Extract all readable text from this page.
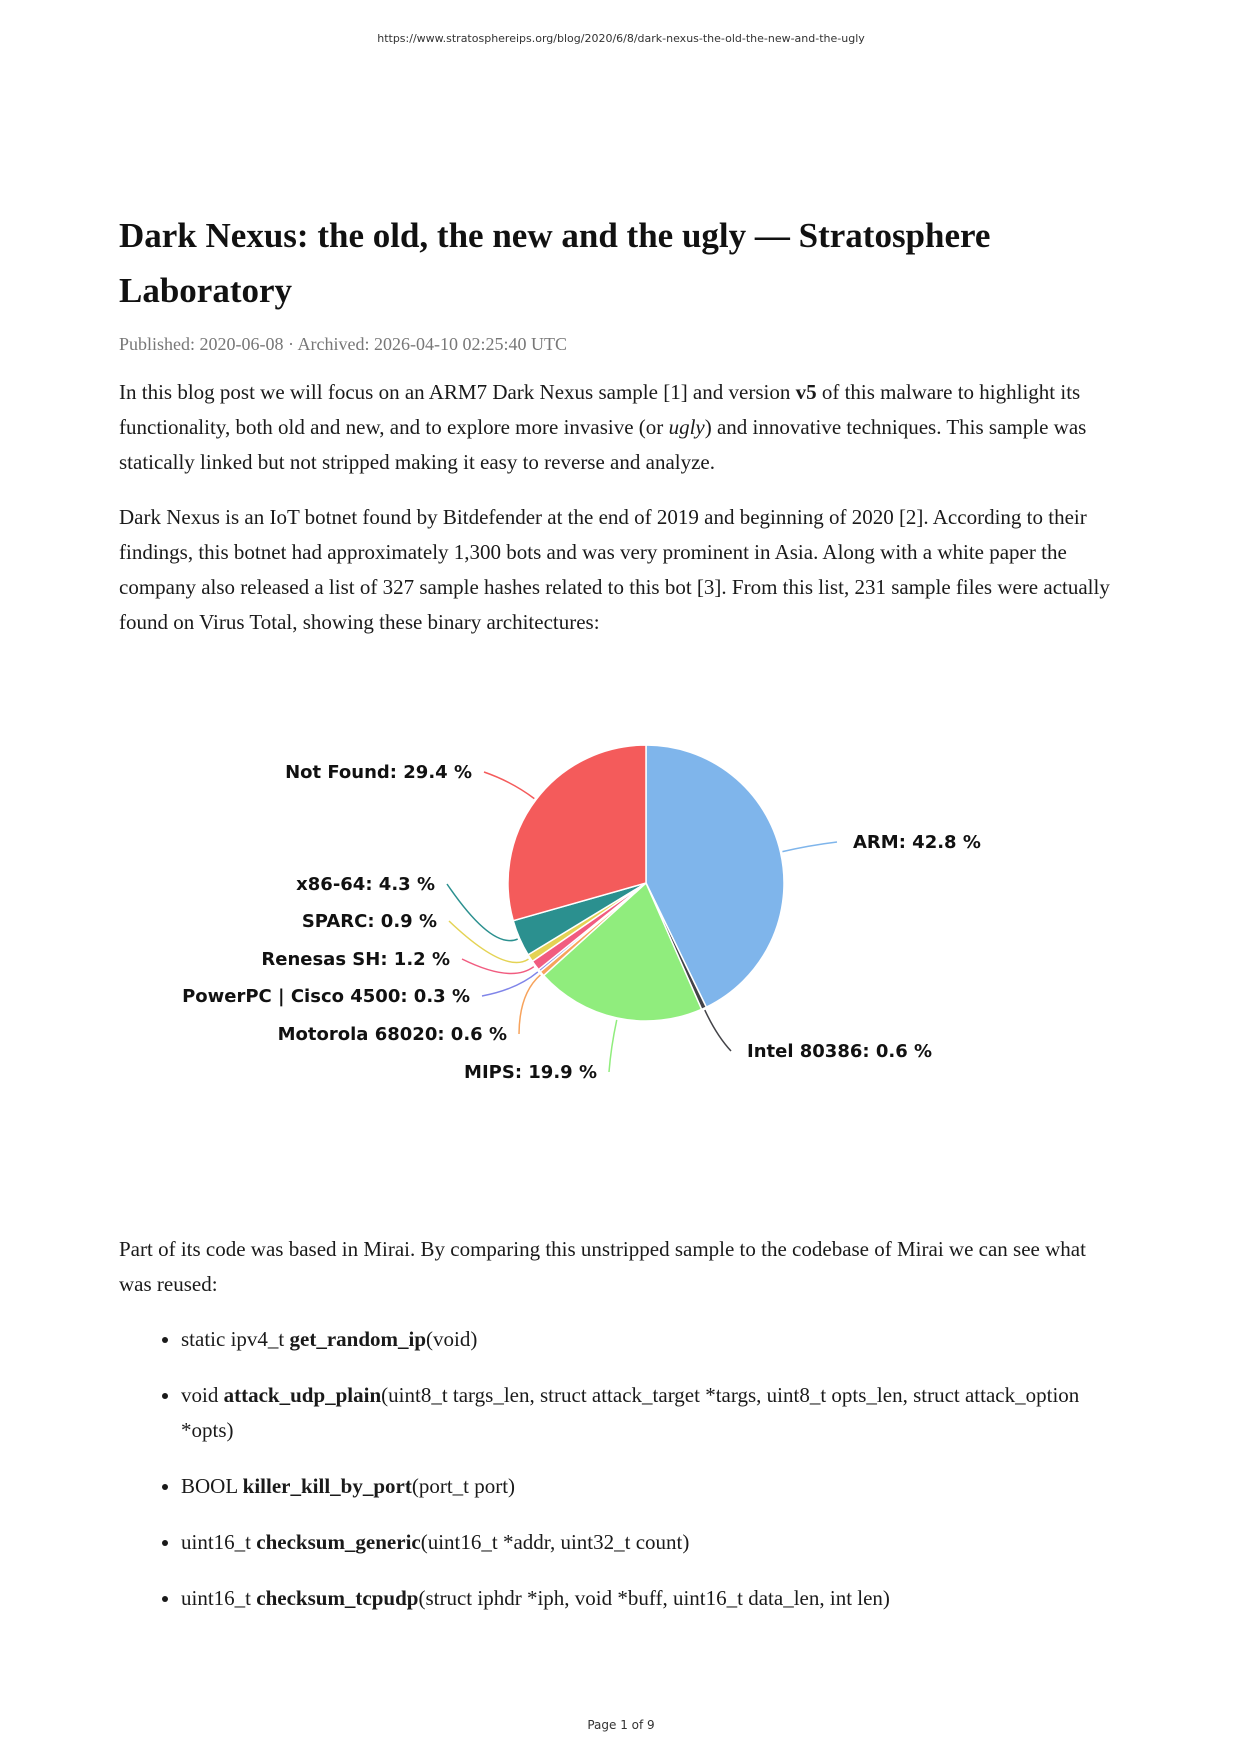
https://www.stratosphereips.org/blog/2020/6/8/dark-nexus-the-old-the-new-and-the-ugly
Dark Nexus: the old, the new and the ugly — Stratosphere Laboratory
Published: 2020-06-08 · Archived: 2026-04-10 02:25:40 UTC

In this blog post we will focus on an ARM7 Dark Nexus sample [1] and version v5 of this malware to highlight its functionality, both old and new, and to explore more invasive (or ugly) and innovative techniques. This sample was statically linked but not stripped making it easy to reverse and analyze.

Dark Nexus is an IoT botnet found by Bitdefender at the end of 2019 and beginning of 2020 [2]. According to their findings, this botnet had approximately 1,300 bots and was very prominent in Asia. Along with a white paper the company also released a list of 327 sample hashes related to this bot [3]. From this list, 231 sample files were actually found on Virus Total, showing these binary architectures:

ARM: 42.8 %
Intel 80386: 0.6 %
MIPS: 19.9 %
Motorola 68020: 0.6 %
PowerPC | Cisco 4500: 0.3 %
Renesas SH: 1.2 %
SPARC: 0.9 %
x86-64: 4.3 %
Not Found: 29.4 %

Part of its code was based in Mirai. By comparing this unstripped sample to the codebase of Mirai we can see what was reused:

• static ipv4_t get_random_ip(void)
• void attack_udp_plain(uint8_t targs_len, struct attack_target *targs, uint8_t opts_len, struct attack_option *opts)
• BOOL killer_kill_by_port(port_t port)
• uint16_t checksum_generic(uint16_t *addr, uint32_t count)
• uint16_t checksum_tcpudp(struct iphdr *iph, void *buff, uint16_t data_len, int len)
Page 1 of 9
